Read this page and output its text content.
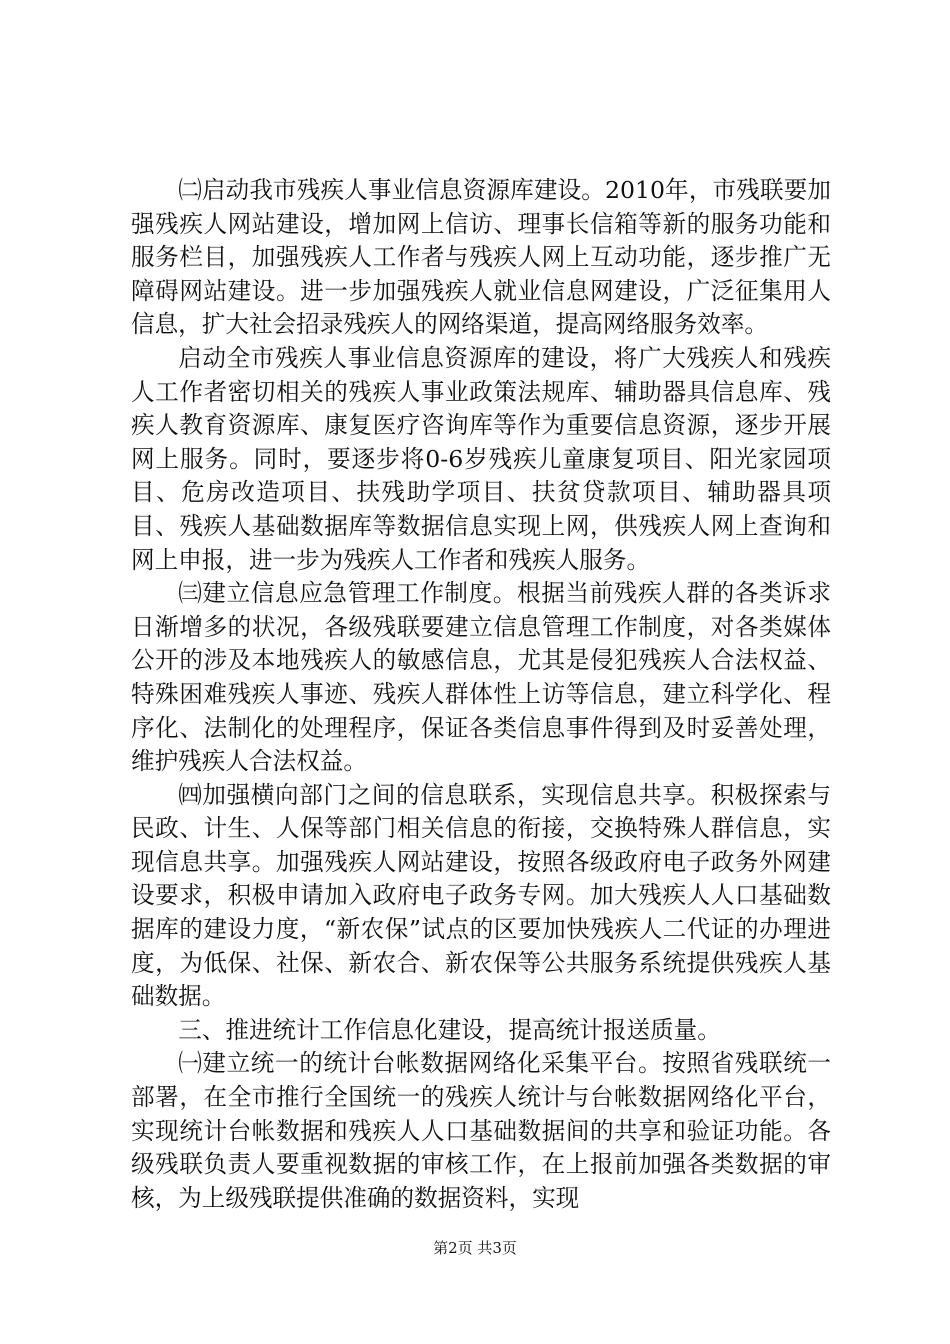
㈡启动我市残疾人事业信息资源库建设。2010年，市残联要加强残疾人网站建设，增加网上信访、理事长信箱等新的服务功能和服务栏目，加强残疾人工作者与残疾人网上互动功能，逐步推广无障碍网站建设。进一步加强残疾人就业信息网建设，广泛征集用人信息，扩大社会招录残疾人的网络渠道，提高网络服务效率。

启动全市残疾人事业信息资源库的建设，将广大残疾人和残疾人工作者密切相关的残疾人事业政策法规库、辅助器具信息库、残疾人教育资源库、康复医疗咨询库等作为重要信息资源，逐步开展网上服务。同时，要逐步将0-6岁残疾儿童康复项目、阳光家园项目、危房改造项目、扶残助学项目、扶贫贷款项目、辅助器具项目、残疾人基础数据库等数据信息实现上网，供残疾人网上查询和网上申报，进一步为残疾人工作者和残疾人服务。

㈢建立信息应急管理工作制度。根据当前残疾人群的各类诉求日渐增多的状况，各级残联要建立信息管理工作制度，对各类媒体公开的涉及本地残疾人的敏感信息，尤其是侵犯残疾人合法权益、特殊困难残疾人事迹、残疾人群体性上访等信息，建立科学化、程序化、法制化的处理程序，保证各类信息事件得到及时妥善处理，维护残疾人合法权益。

㈣加强横向部门之间的信息联系，实现信息共享。积极探索与民政、计生、人保等部门相关信息的衔接，交换特殊人群信息，实现信息共享。加强残疾人网站建设，按照各级政府电子政务外网建设要求，积极申请加入政府电子政务专网。加大残疾人人口基础数据库的建设力度，“新农保”试点的区要加快残疾人二代证的办理进度，为低保、社保、新农合、新农保等公共服务系统提供残疾人基础数据。

三、推进统计工作信息化建设，提高统计报送质量。

㈠建立统一的统计台帐数据网络化采集平台。按照省残联统一部署，在全市推行全国统一的残疾人统计与台帐数据网络化平台，实现统计台帐数据和残疾人人口基础数据间的共享和验证功能。各级残联负责人要重视数据的审核工作，在上报前加强各类数据的审核，为上级残联提供准确的数据资料，实现

第2页 共3页
